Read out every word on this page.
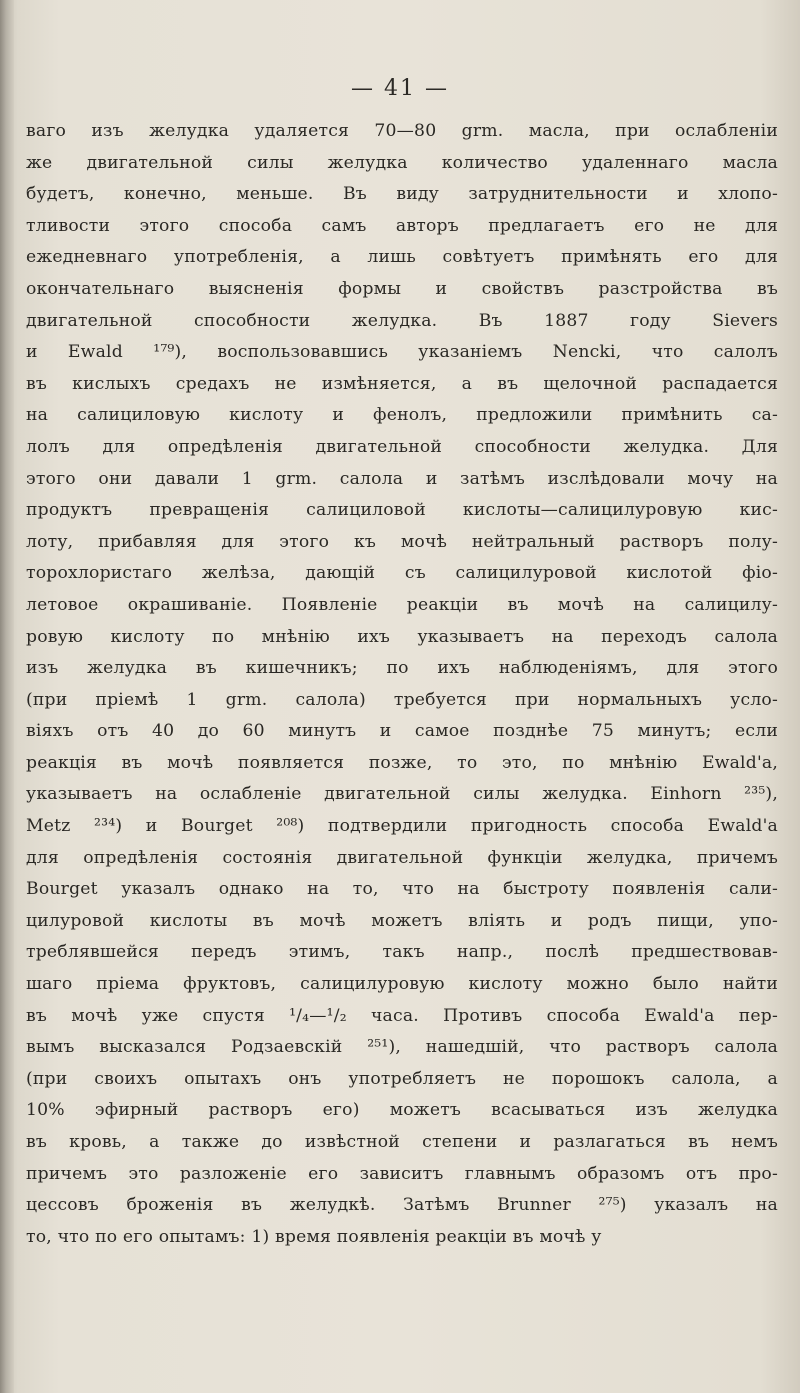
— 41 —
ваго изъ желудка удаляется 70—80 grm. масла, при ослабленіи
же двигательной силы желудка количество удаленнаго масла
будетъ, конечно, меньше. Въ виду затруднительности и хлопо-
тливости этого способа самъ авторъ предлагаетъ его не для
ежедневнаго употребленія, а лишь совѣтуетъ примѣнять его для
окончательнаго выясненія формы и свойствъ разстройства въ
двигательной способности желудка. Въ 1887 году Sievers
и Ewald ¹⁷⁹), воспользовавшись указаніемъ Nencki, что салолъ
въ кислыхъ средахъ не измѣняется, а въ щелочной распадается
на салициловую кислоту и фенолъ, предложили примѣнить са-
лолъ для опредѣленія двигательной способности желудка. Для
этого они давали 1 grm. салола и затѣмъ изслѣдовали мочу на
продуктъ превращенія салициловой кислоты—салицилуровую кис-
лоту, прибавляя для этого къ мочѣ нейтральный растворъ полу-
торохлористаго желѣза, дающій съ салицилуровой кислотой фіо-
летовое окрашиваніе. Появленіе реакціи въ мочѣ на салицилу-
ровую кислоту по мнѣнію ихъ указываетъ на переходъ салола
изъ желудка въ кишечникъ; по ихъ наблюденіямъ, для этого
(при пріемѣ 1 grm. салола) требуется при нормальныхъ усло-
віяхъ отъ 40 до 60 минутъ и самое позднѣе 75 минутъ; если
реакція въ мочѣ появляется позже, то это, по мнѣнію Ewald'а,
указываетъ на ослабленіе двигательной силы желудка. Einhorn ²³⁵),
Metz ²³⁴) и Bourget ²⁰⁸) подтвердили пригодность способа Ewald'а
для опредѣленія состоянія двигательной функціи желудка, причемъ
Bourget указалъ однако на то, что на быстроту появленія сали-
цилуровой кислоты въ мочѣ можетъ вліять и родъ пищи, упо-
треблявшейся передъ этимъ, такъ напр., послѣ предшествовав-
шаго пріема фруктовъ, салицилуровую кислоту можно было найти
въ мочѣ уже спустя ¹/₄—¹/₂ часа. Противъ способа Ewald'а пер-
вымъ высказался Родзаевскій ²⁵¹), нашедшій, что растворъ салола
(при своихъ опытахъ онъ употребляетъ не порошокъ салола, а
10% эфирный растворъ его) можетъ всасываться изъ желудка
въ кровь, а также до извѣстной степени и разлагаться въ немъ
причемъ это разложеніе его зависитъ главнымъ образомъ отъ про-
цессовъ броженія въ желудкѣ. Затѣмъ Brunner ²⁷⁵) указалъ на
то, что по его опытамъ: 1) время появленія реакціи въ мочѣ у
